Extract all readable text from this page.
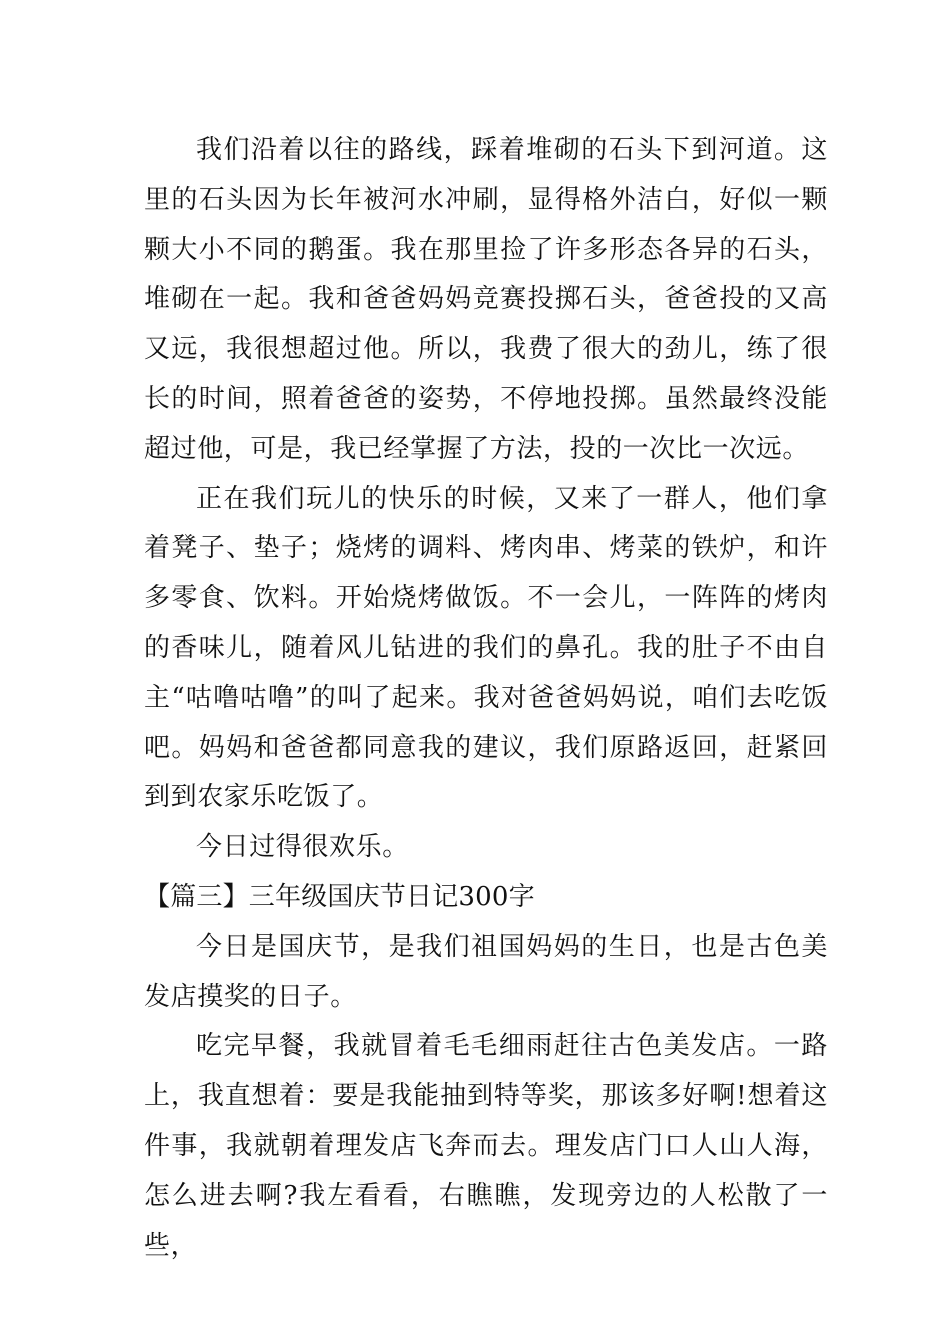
我们沿着以往的路线，踩着堆砌的石头下到河道。这里的石头因为长年被河水冲刷，显得格外洁白，好似一颗颗大小不同的鹅蛋。我在那里捡了许多形态各异的石头，堆砌在一起。我和爸爸妈妈竞赛投掷石头，爸爸投的又高又远，我很想超过他。所以，我费了很大的劲儿，练了很长的时间，照着爸爸的姿势，不停地投掷。虽然最终没能超过他，可是，我已经掌握了方法，投的一次比一次远。

正在我们玩儿的快乐的时候，又来了一群人，他们拿着凳子、垫子；烧烤的调料、烤肉串、烤菜的铁炉，和许多零食、饮料。开始烧烤做饭。不一会儿，一阵阵的烤肉的香味儿，随着风儿钻进的我们的鼻孔。我的肚子不由自主“咕噜咕噜”的叫了起来。我对爸爸妈妈说，咱们去吃饭吧。妈妈和爸爸都同意我的建议，我们原路返回，赶紧回到到农家乐吃饭了。

今日过得很欢乐。

【篇三】三年级国庆节日记300字

今日是国庆节，是我们祖国妈妈的生日，也是古色美发店摸奖的日子。

吃完早餐，我就冒着毛毛细雨赶往古色美发店。一路上，我直想着：要是我能抽到特等奖，那该多好啊!想着这件事，我就朝着理发店飞奔而去。理发店门口人山人海，怎么进去啊?我左看看，右瞧瞧，发现旁边的人松散了一些，
